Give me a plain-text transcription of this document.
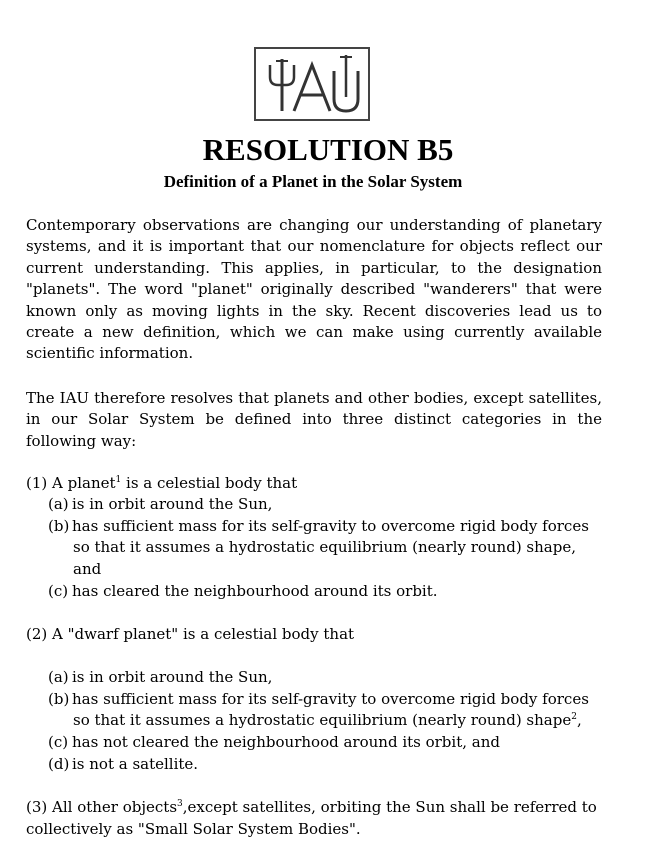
IAU
RESOLUTION B5
Definition of a Planet in the Solar System

Contemporary observations are changing our understanding of planetary systems, and it is important that our nomenclature for objects reflect our current understanding. This applies, in particular, to the designation "planets". The word "planet" originally described "wanderers" that were known only as moving lights in the sky. Recent discoveries lead us to create a new definition, which we can make using currently available scientific information.

The IAU therefore resolves that planets and other bodies, except satellites, in our Solar System be defined into three distinct categories in the following way:

(1) A planet$^1$ is a celestial body that

(a) is in orbit around the Sun,

(b) has sufficient mass for its self-gravity to overcome rigid body forces

so that it assumes a hydrostatic equilibrium (nearly round) shape,

and

(c) has cleared the neighbourhood around its orbit.

(2) A "dwarf planet" is a celestial body that

(a) is in orbit around the Sun,

(b) has sufficient mass for its self-gravity to overcome rigid body forces

so that it assumes a hydrostatic equilibrium (nearly round) shape$^2$,

(c) has not cleared the neighbourhood around its orbit, and

(d) is not a satellite.

(3) All other objects$^3$,except satellites, orbiting the Sun shall be referred to

collectively as "Small Solar System Bodies".
